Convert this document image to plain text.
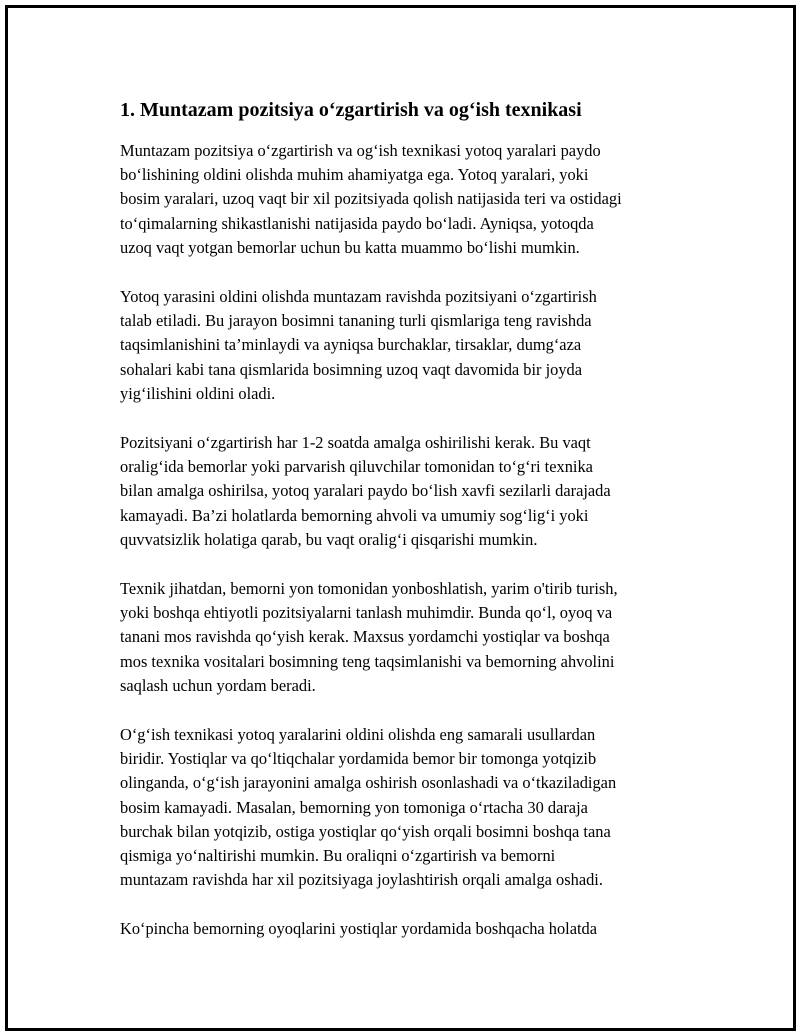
1. Muntazam pozitsiya o‘zgartirish va og‘ish texnikasi

Muntazam pozitsiya o‘zgartirish va og‘ish texnikasi yotoq yaralari paydo
bo‘lishining oldini olishda muhim ahamiyatga ega. Yotoq yaralari, yoki
bosim yaralari, uzoq vaqt bir xil pozitsiyada qolish natijasida teri va ostidagi
to‘qimalarning shikastlanishi natijasida paydo bo‘ladi. Ayniqsa, yotoqda
uzoq vaqt yotgan bemorlar uchun bu katta muammo bo‘lishi mumkin.

Yotoq yarasini oldini olishda muntazam ravishda pozitsiyani o‘zgartirish
talab etiladi. Bu jarayon bosimni tananing turli qismlariga teng ravishda
taqsimlanishini ta’minlaydi va ayniqsa burchaklar, tirsaklar, dumg‘aza
sohalari kabi tana qismlarida bosimning uzoq vaqt davomida bir joyda
yig‘ilishini oldini oladi.

Pozitsiyani o‘zgartirish har 1-2 soatda amalga oshirilishi kerak. Bu vaqt
oralig‘ida bemorlar yoki parvarish qiluvchilar tomonidan to‘g‘ri texnika
bilan amalga oshirilsa, yotoq yaralari paydo bo‘lish xavfi sezilarli darajada
kamayadi. Ba’zi holatlarda bemorning ahvoli va umumiy sog‘lig‘i yoki
quvvatsizlik holatiga qarab, bu vaqt oralig‘i qisqarishi mumkin.

Texnik jihatdan, bemorni yon tomonidan yonboshlatish, yarim o'tirib turish,
yoki boshqa ehtiyotli pozitsiyalarni tanlash muhimdir. Bunda qo‘l, oyoq va
tanani mos ravishda qo‘yish kerak. Maxsus yordamchi yostiqlar va boshqa
mos texnika vositalari bosimning teng taqsimlanishi va bemorning ahvolini
saqlash uchun yordam beradi.

O‘g‘ish texnikasi yotoq yaralarini oldini olishda eng samarali usullardan
biridir. Yostiqlar va qo‘ltiqchalar yordamida bemor bir tomonga yotqizib
olinganda, o‘g‘ish jarayonini amalga oshirish osonlashadi va o‘tkaziladigan
bosim kamayadi. Masalan, bemorning yon tomoniga o‘rtacha 30 daraja
burchak bilan yotqizib, ostiga yostiqlar qo‘yish orqali bosimni boshqa tana
qismiga yo‘naltirishi mumkin. Bu oraliqni o‘zgartirish va bemorni
muntazam ravishda har xil pozitsiyaga joylashtirish orqali amalga oshadi.

Ko‘pincha bemorning oyoqlarini yostiqlar yordamida boshqacha holatda
